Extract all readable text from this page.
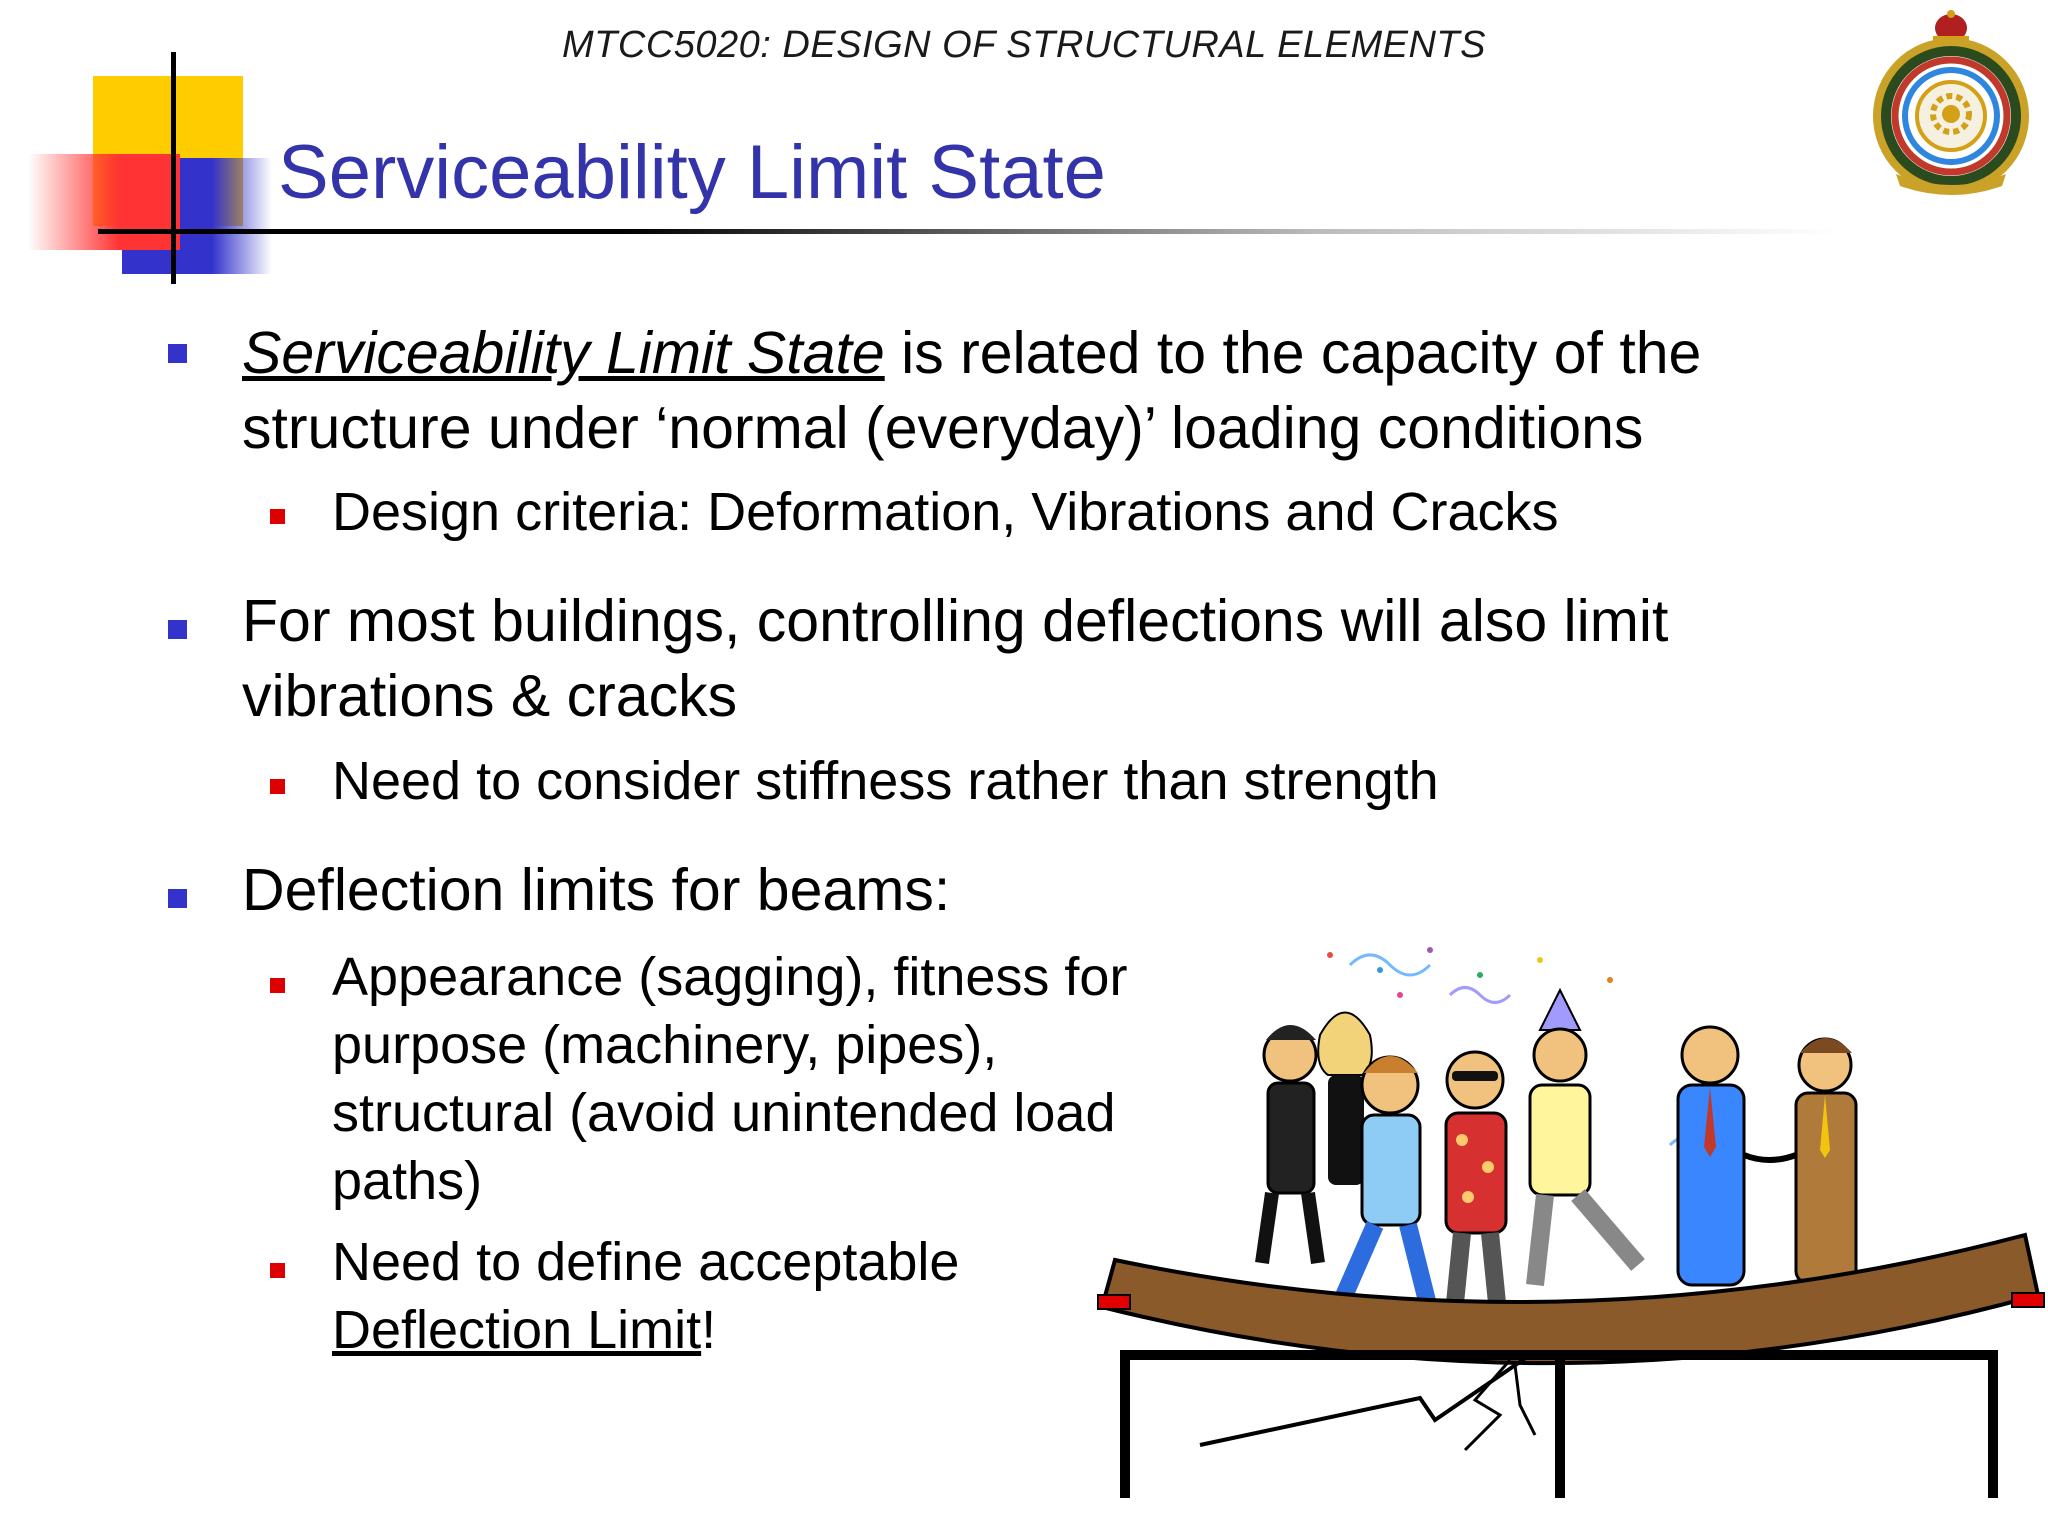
MTCC5020: DESIGN OF STRUCTURAL ELEMENTS
Serviceability Limit State
Serviceability Limit State is related to the capacity of the structure under ‘normal (everyday)’ loading conditions
Design criteria: Deformation, Vibrations and Cracks
For most buildings, controlling deflections will also limit vibrations & cracks
Need to consider stiffness rather than strength
Deflection limits for beams:
Appearance (sagging), fitness for purpose (machinery, pipes), structural (avoid unintended load paths)
Need to define acceptable Deflection Limit!
